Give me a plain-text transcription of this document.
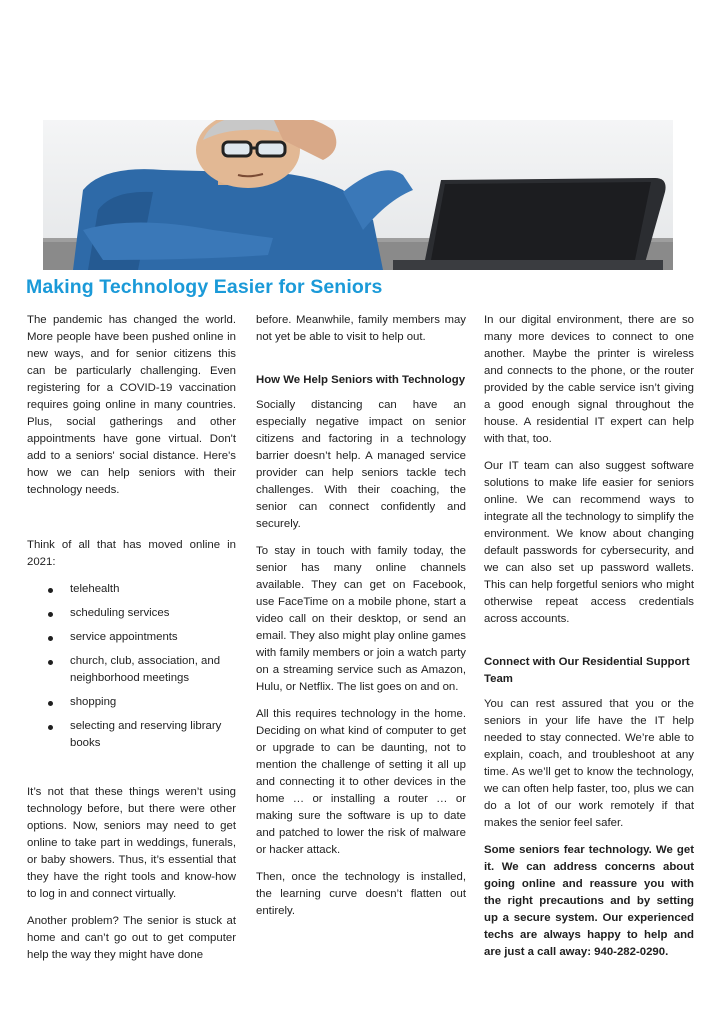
Making Technology Easier for Seniors

The pandemic has changed the world. More people have been pushed online in new ways, and for senior citizens this can be particularly challenging. Even registering for a COVID-19 vaccination requires going online in many countries. Plus, social gatherings and other appointments have gone virtual. Don't add to a seniors' social distance. Here's how we can help seniors with their technology needs.

Think of all that has moved online in 2021:

telehealth
scheduling services
service appointments
church, club, association, and neighborhood meetings
shopping
selecting and reserving library books

It’s not that these things weren’t using technology before, but there were other options. Now, seniors may need to get online to take part in weddings, funerals, or baby showers. Thus, it’s essential that they have the right tools and know-how to log in and connect virtually.

Another problem? The senior is stuck at home and can’t go out to get computer help the way they might have done

before. Meanwhile, family members may not yet be able to visit to help out.

How We Help Seniors with Technology

Socially distancing can have an especially negative impact on senior citizens and factoring in a technology barrier doesn’t help. A managed service provider can help seniors tackle tech challenges. With their coaching, the senior can connect confidently and securely.

To stay in touch with family today, the senior has many online channels available. They can get on Facebook, use FaceTime on a mobile phone, start a video call on their desktop, or send an email. They also might play online games with family members or join a watch party on a streaming service such as Amazon, Hulu, or Netflix. The list goes on and on.

All this requires technology in the home. Deciding on what kind of computer to get or upgrade to can be daunting, not to mention the challenge of setting it all up and connecting it to other devices in the home … or installing a router … or making sure the software is up to date and patched to lower the risk of malware or hacker attack.

Then, once the technology is installed, the learning curve doesn’t flatten out entirely.

In our digital environment, there are so many more devices to connect to one another. Maybe the printer is wireless and connects to the phone, or the router provided by the cable service isn’t giving a good enough signal throughout the house. A residential IT expert can help with that, too.

Our IT team can also suggest software solutions to make life easier for seniors online. We can recommend ways to integrate all the technology to simplify the environment. We know about changing default passwords for cybersecurity, and we can also set up password wallets. This can help forgetful seniors who might otherwise repeat access credentials across accounts.

Connect with Our Residential Support Team

You can rest assured that you or the seniors in your life have the IT help needed to stay connected. We’re able to explain, coach, and troubleshoot at any time. As we’ll get to know the technology, we can often help faster, too, plus we can do a lot of our work remotely if that makes the senior feel safer.

Some seniors fear technology. We get it. We can address concerns about going online and reassure you with the right precautions and by setting up a secure system. Our experienced techs are always happy to help and are just a call away: 940-282-0290.
